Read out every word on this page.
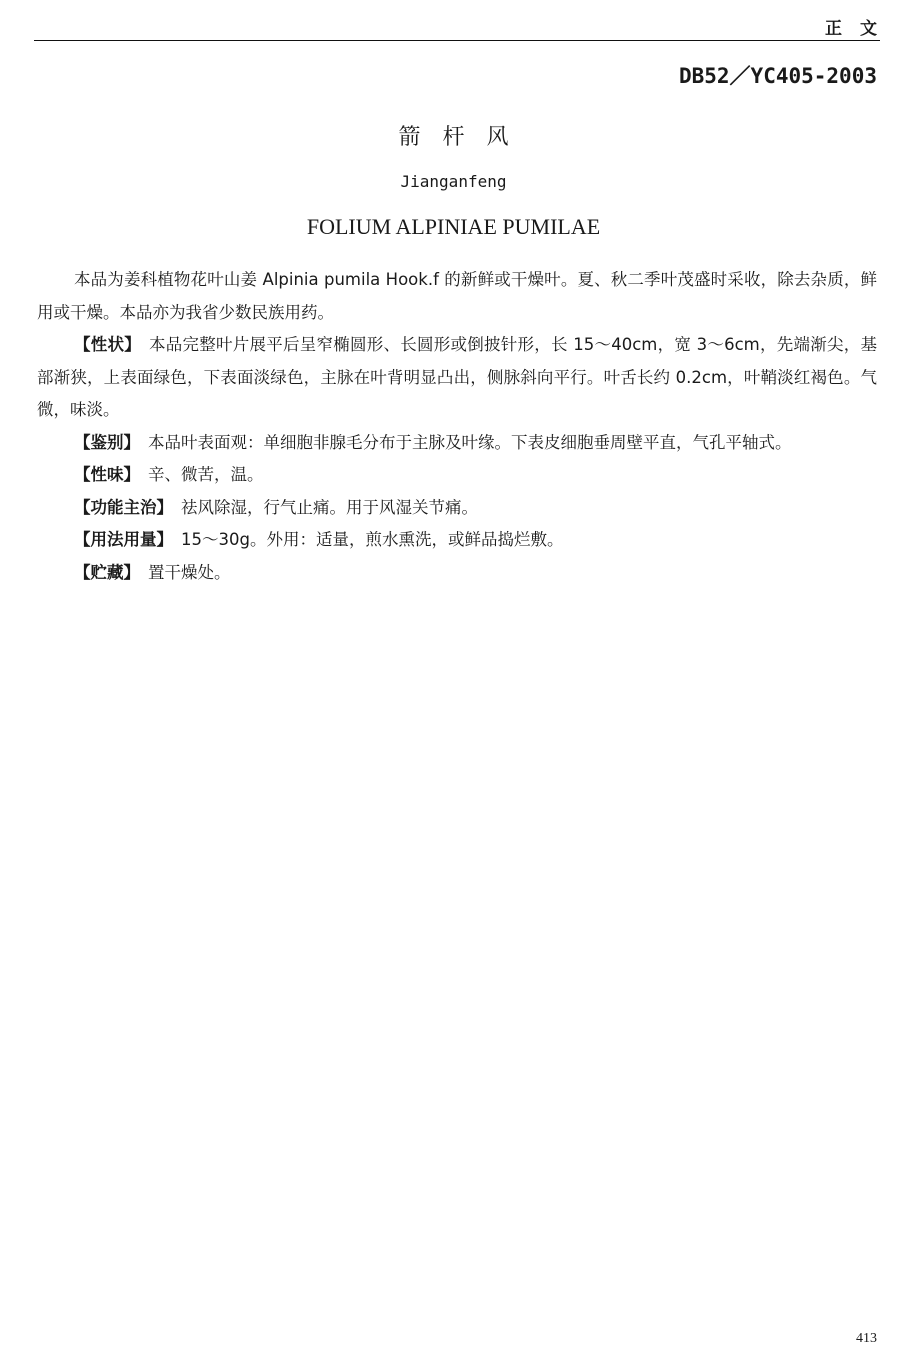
正文
DB52／YC405-2003
箭杆风
Jianganfeng
FOLIUM ALPINIAE PUMILAE

本品为姜科植物花叶山姜 Alpinia pumila Hook.f 的新鲜或干燥叶。夏、秋二季叶茂盛时采收，除去杂质，鲜用或干燥。本品亦为我省少数民族用药。

【性状】 本品完整叶片展平后呈窄椭圆形、长圆形或倒披针形，长 15～40cm，宽 3～6cm，先端渐尖，基部渐狭，上表面绿色，下表面淡绿色，主脉在叶背明显凸出，侧脉斜向平行。叶舌长约 0.2cm，叶鞘淡红褐色。气微，味淡。

【鉴别】 本品叶表面观：单细胞非腺毛分布于主脉及叶缘。下表皮细胞垂周壁平直，气孔平轴式。

【性味】 辛、微苦，温。

【功能主治】 祛风除湿，行气止痛。用于风湿关节痛。

【用法用量】 15～30g。外用：适量，煎水熏洗，或鲜品捣烂敷。

【贮藏】 置干燥处。

413
